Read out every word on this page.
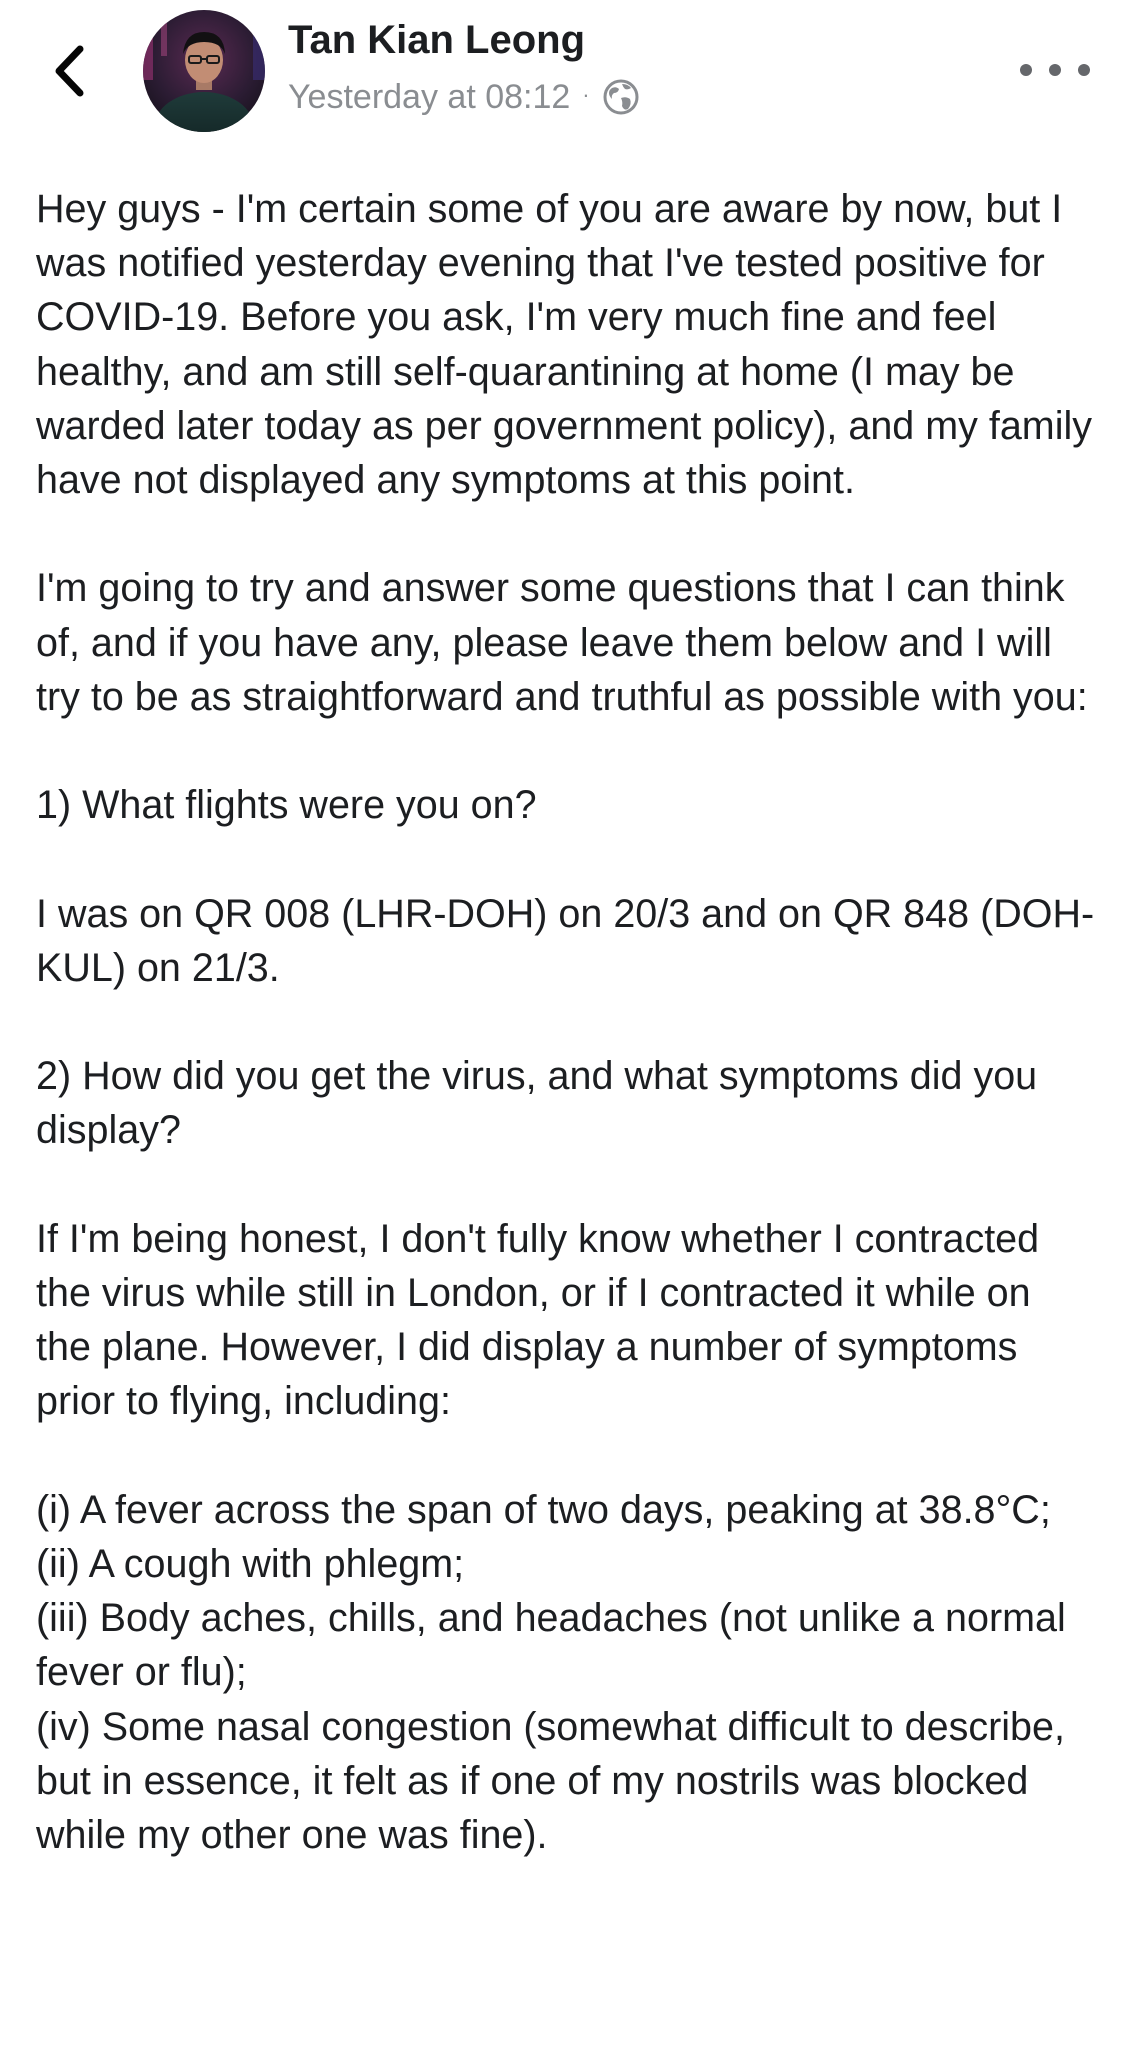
Tan Kian Leong
Yesterday at 08:12 ·

Hey guys - I'm certain some of you are aware by now, but I was notified yesterday evening that I've tested positive for COVID-19. Before you ask, I'm very much fine and feel healthy, and am still self-quarantining at home (I may be warded later today as per government policy), and my family have not displayed any symptoms at this point.

I'm going to try and answer some questions that I can think of, and if you have any, please leave them below and I will try to be as straightforward and truthful as possible with you:

1) What flights were you on?

I was on QR 008 (LHR-DOH) on 20/3 and on QR 848 (DOH-KUL) on 21/3.

2) How did you get the virus, and what symptoms did you display?

If I'm being honest, I don't fully know whether I contracted the virus while still in London, or if I contracted it while on the plane. However, I did display a number of symptoms prior to flying, including:

(i) A fever across the span of two days, peaking at 38.8°C;

(ii) A cough with phlegm;

(iii) Body aches, chills, and headaches (not unlike a normal fever or flu);

(iv) Some nasal congestion (somewhat difficult to describe, but in essence, it felt as if one of my nostrils was blocked while my other one was fine).
